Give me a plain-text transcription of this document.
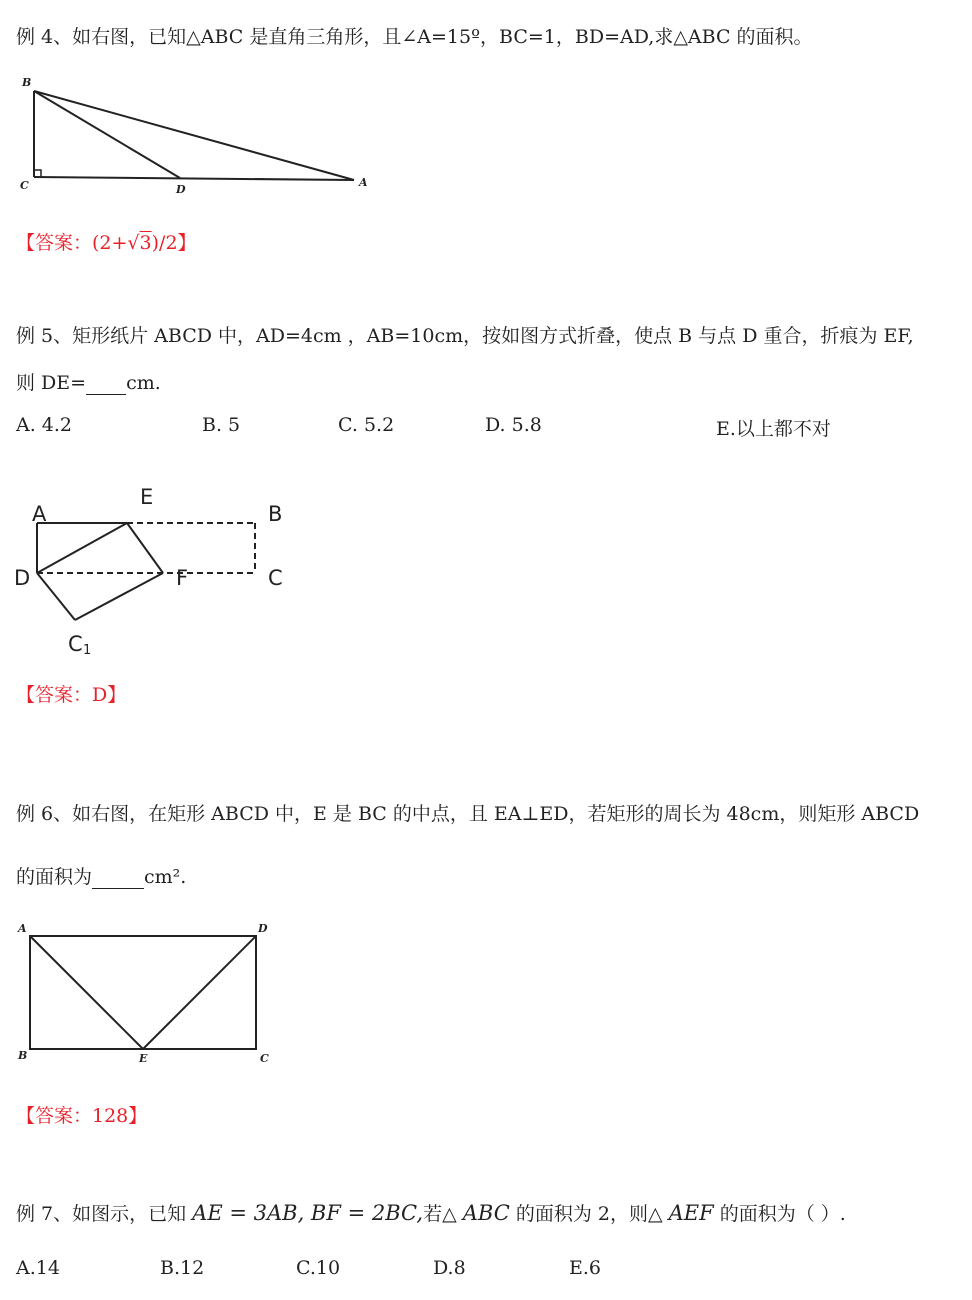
例 4、如右图，已知△ABC 是直角三角形，且∠A=15º，BC=1，BD=AD,求△ABC 的面积。
B
C	D
A
【答案：(2+√3)/2】
例 5、矩形纸片 ABCD 中，AD=4cm ，AB=10cm，按如图方式折叠，使点 B 与点 D 重合，折痕为 EF,
则 DE= cm.
A. 4.2	B. 5	C. 5.2	D. 5.8	E.以上都不对
A
E
B
D	F	C
C 1
【答案：D】
例 6、如右图，在矩形 ABCD 中，E 是 BC 的中点，且 EA⊥ED，若矩形的周长为 48cm，则矩形 ABCD
的面积为	cm².
A	D
B	E	C
【答案：128】
例 7、如图示，已知 AE = 3AB, BF = 2BC,若△ ABC 的面积为 2，则△ AEF 的面积为（ ）.
A.14	B.12	C.10	D.8	E.6
